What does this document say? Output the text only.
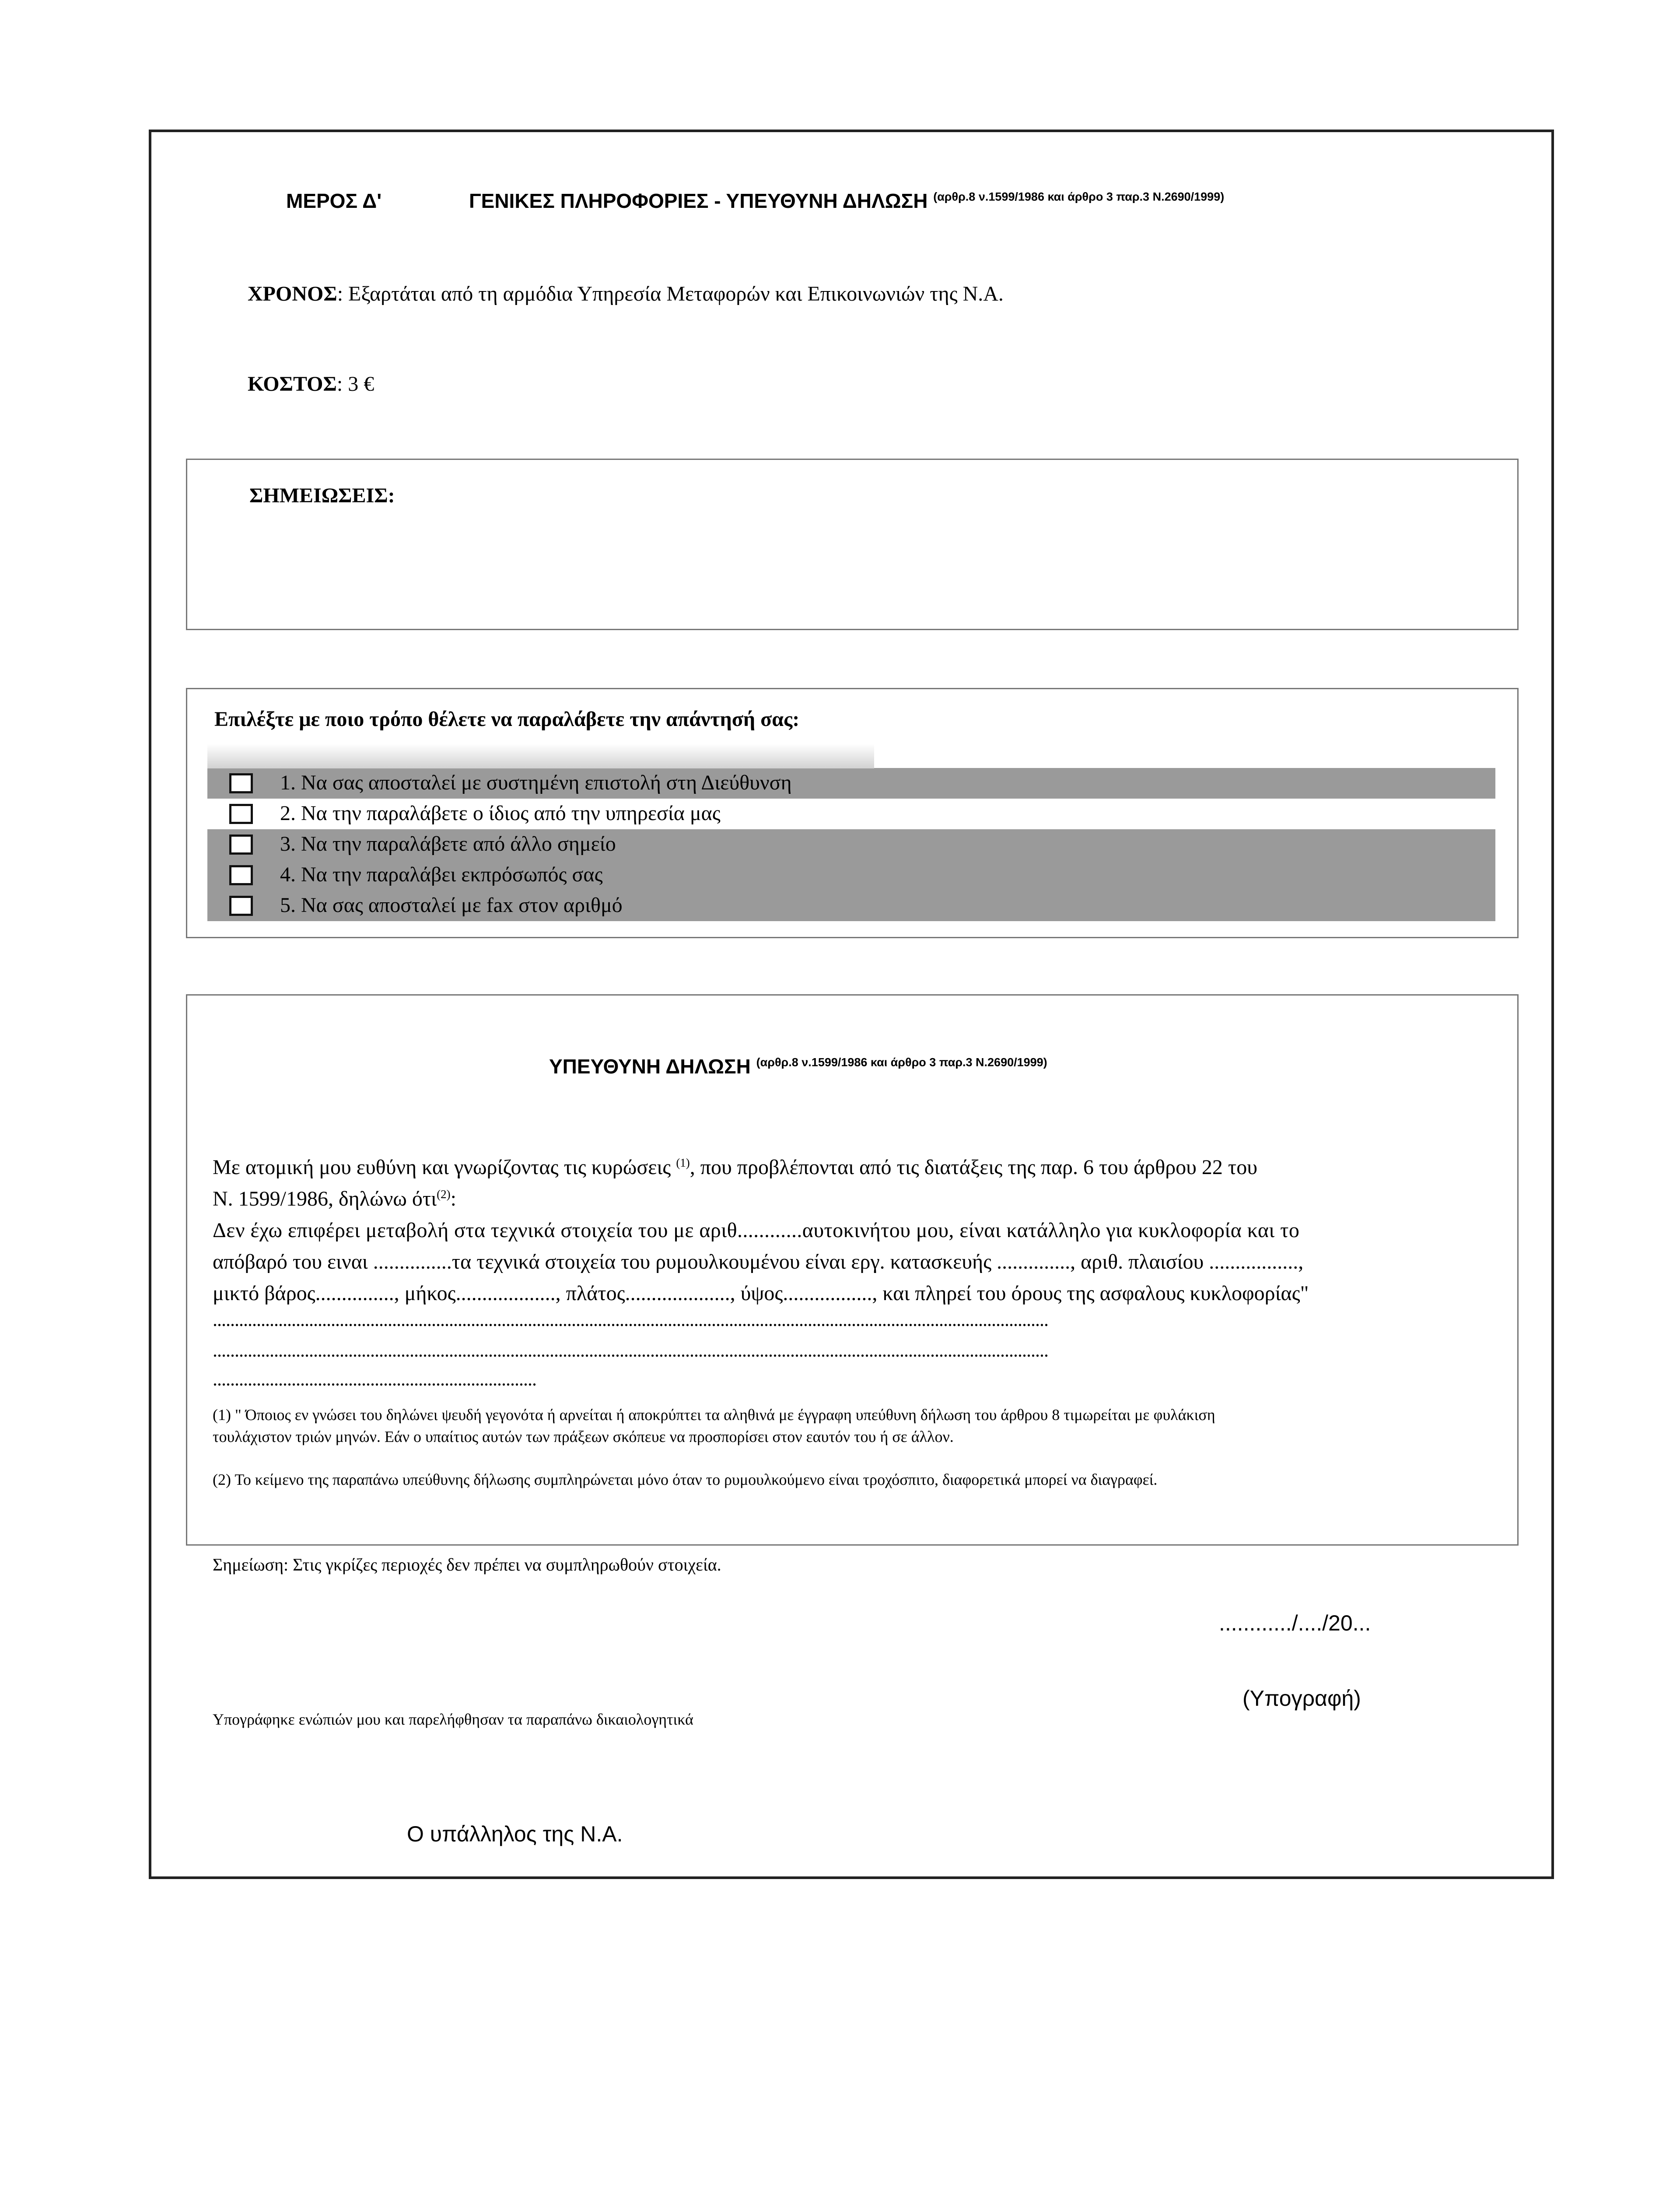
ΜΕΡΟΣ Δ'	ΓΕΝΙΚΕΣ ΠΛΗΡΟΦΟΡΙΕΣ - ΥΠΕΥΘΥΝΗ ΔΗΛΩΣΗ $^{(\alpha\rho\theta\rho.8 \nu.1599/1986 \kappa\alpha\iota ά\rho\theta\rho o 3 \pi\alpha\rho.3 N.2690/1999)}$
ΧΡΟΝΟΣ: Εξαρτάται από τη αρμόδια Υπηρεσία Μεταφορών και Επικοινωνιών της Ν.Α.
ΚΟΣΤΟΣ: 3 €
ΣΗΜΕΙΩΣΕΙΣ:
Επιλέξτε με ποιο τρόπο θέλετε να παραλάβετε την απάντησή σας:
1. Να σας αποσταλεί με συστημένη επιστολή στη Διεύθυνση
2. Να την παραλάβετε ο ίδιος από την υπηρεσία μας
3. Να την παραλάβετε από άλλο σημείο
4. Να την παραλάβει εκπρόσωπός σας
5. Να σας αποσταλεί με fax στον αριθμό
ΥΠΕΥΘΥΝΗ ΔΗΛΩΣΗ $^{(\alpha\rho\theta\rho.8 \nu.1599/1986 \kappa\alpha\iota ά\rho\theta\rho o 3 \pi\alpha\rho.3 N.2690/1999)}$
Με ατομική μου ευθύνη και γνωρίζοντας τις κυρώσεις $^{(1)}$, που προβλέπονται από τις διατάξεις της παρ. 6 του άρθρου 22 του
Ν. 1599/1986, δηλώνω ότι$^{(2)}$:
Δεν έχω επιφέρει μεταβολή στα τεχνικά στοιχεία του με αριθ............αυτοκινήτου μου, είναι κατάλληλο για κυκλοφορία και το
απόβαρό του ειναι ...............τα τεχνικά στοιχεία του ρυμουλκουμένου είναι εργ. κατασκευής .............., αριθ. πλαισίου .................,
μικτό βάρος..............., μήκος..................., πλάτος...................., ύψος................., και πληρεί του όρους της ασφαλους κυκλοφορίας"
...............................................................................................................................................................................................
...............................................................................................................................................................................................
..........................................................................
(1) " Όποιος εν γνώσει του δηλώνει ψευδή γεγονότα ή αρνείται ή αποκρύπτει τα αληθινά με έγγραφη υπεύθυνη δήλωση του άρθρου 8 τιμωρείται με φυλάκιση
τουλάχιστον τριών μηνών. Εάν ο υπαίτιος αυτών των πράξεων σκόπευε να προσπορίσει στον εαυτόν του ή σε άλλον.
(2) Το κείμενο της παραπάνω υπεύθυνης δήλωσης συμπληρώνεται μόνο όταν το ρυμουλκούμενο είναι τροχόσπιτο, διαφορετικά μπορεί να διαγραφεί.
Σημείωση: Στις γκρίζες περιοχές δεν πρέπει να συμπληρωθούν στοιχεία.
............/..../20...
(Υπογραφή)
Υπογράφηκε ενώπιών μου και παρελήφθησαν τα παραπάνω δικαιολογητικά
Ο υπάλληλος της Ν.Α.
